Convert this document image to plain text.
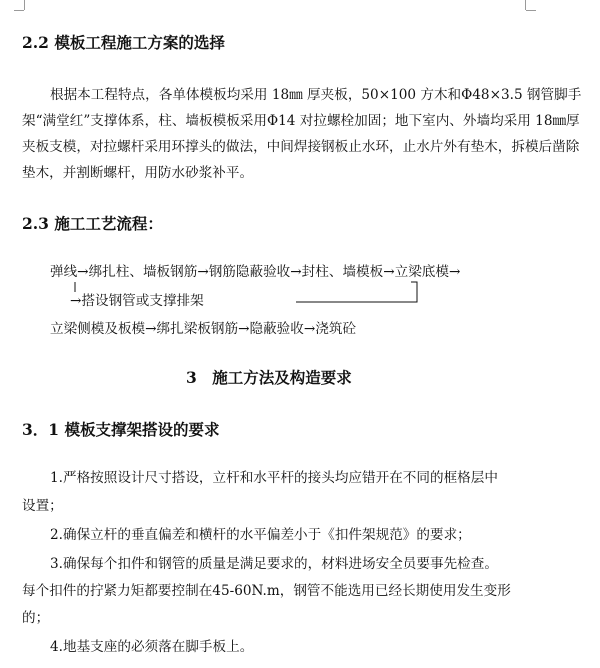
2.2 模板工程施工方案的选择

根据本工程特点，各单体模板均采用 18㎜ 厚夹板，50×100 方木和Φ48×3.5 钢管脚手架“满堂红”支撑体系，柱、墙板模板采用Φ14 对拉螺栓加固；地下室内、外墙均采用 18㎜厚夹板支模，对拉螺杆采用环撑头的做法，中间焊接钢板止水环，止水片外有垫木，拆模后凿除垫木，并割断螺杆，用防水砂浆补平。

2.3 施工工艺流程：
弹线→绑扎柱、墙板钢筋→钢筋隐蔽验收→封柱、墙模板→立梁底模→
→搭设钢管或支撑排架
立梁侧模及板模→绑扎梁板钢筋→隐蔽验收→浇筑砼
3　施工方法及构造要求
3．1 模板支撑架搭设的要求
1.严格按照设计尺寸搭设，立杆和水平杆的接头均应错开在不同的框格层中
设置；
2.确保立杆的垂直偏差和横杆的水平偏差小于《扣件架规范》的要求；
3.确保每个扣件和钢管的质量是满足要求的，材料进场安全员要事先检查。
每个扣件的拧紧力矩都要控制在45-60N.m，钢管不能选用已经长期使用发生变形
的；
4.地基支座的必须落在脚手板上。
